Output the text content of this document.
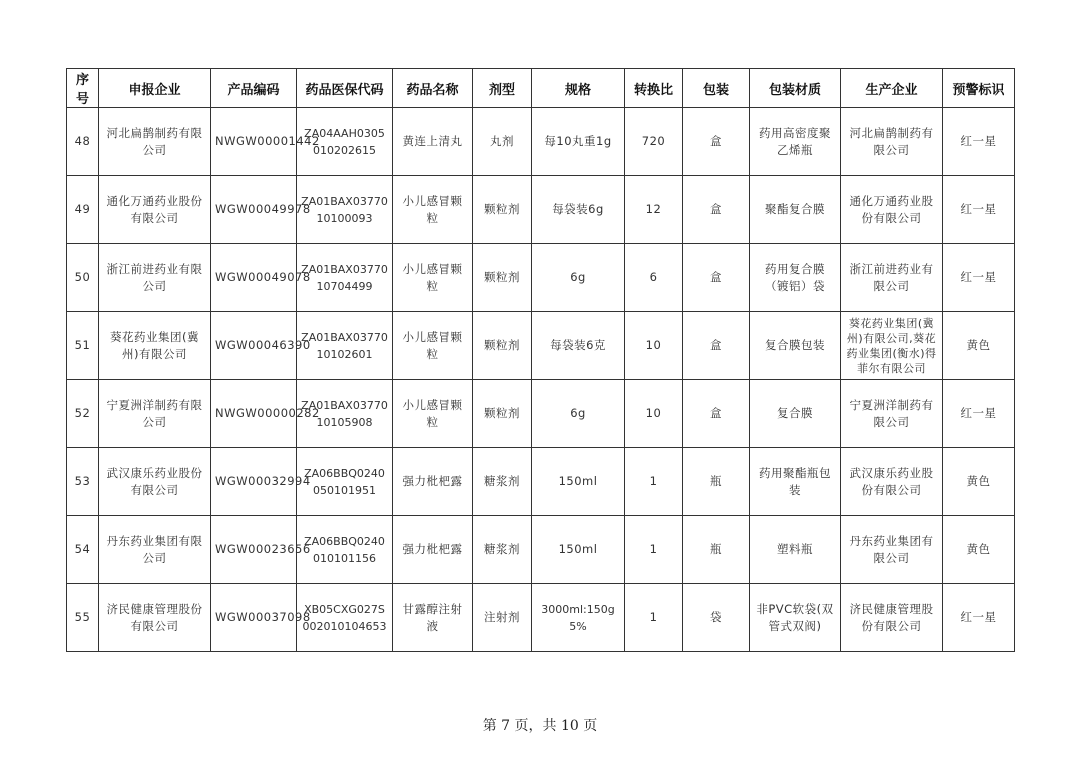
序号	申报企业	产品编码	药品医保代码	药品名称	剂型	规格	转换比	包装	包装材质	生产企业	预警标识
48	河北扁鹊制药有限公司	NWGW00001442	ZA04AAH0305010202615	黄连上清丸	丸剂	每10丸重1g	720	盒	药用高密度聚乙烯瓶	河北扁鹊制药有限公司	红一星
49	通化万通药业股份有限公司	WGW00049978	ZA01BAX0377010100093	小儿感冒颗粒	颗粒剂	每袋装6g	12	盒	聚酯复合膜	通化万通药业股份有限公司	红一星
50	浙江前进药业有限公司	WGW00049078	ZA01BAX0377010704499	小儿感冒颗粒	颗粒剂	6g	6	盒	药用复合膜（镀铝）袋	浙江前进药业有限公司	红一星
51	葵花药业集团(冀州)有限公司	WGW00046390	ZA01BAX0377010102601	小儿感冒颗粒	颗粒剂	每袋装6克	10	盒	复合膜包装	葵花药业集团(冀州)有限公司,葵花药业集团(衡水)得菲尔有限公司	黄色
52	宁夏洲洋制药有限公司	NWGW00000282	ZA01BAX0377010105908	小儿感冒颗粒	颗粒剂	6g	10	盒	复合膜	宁夏洲洋制药有限公司	红一星
53	武汉康乐药业股份有限公司	WGW00032994	ZA06BBQ0240050101951	强力枇杷露	糖浆剂	150ml	1	瓶	药用聚酯瓶包装	武汉康乐药业股份有限公司	黄色
54	丹东药业集团有限公司	WGW00023656	ZA06BBQ0240010101156	强力枇杷露	糖浆剂	150ml	1	瓶	塑料瓶	丹东药业集团有限公司	黄色
55	济民健康管理股份有限公司	WGW00037098	XB05CXG027S002010104653	甘露醇注射液	注射剂	3000ml:150g5%	1	袋	非PVC软袋(双管式双阀)	济民健康管理股份有限公司	红一星
第 7 页，共 10 页
